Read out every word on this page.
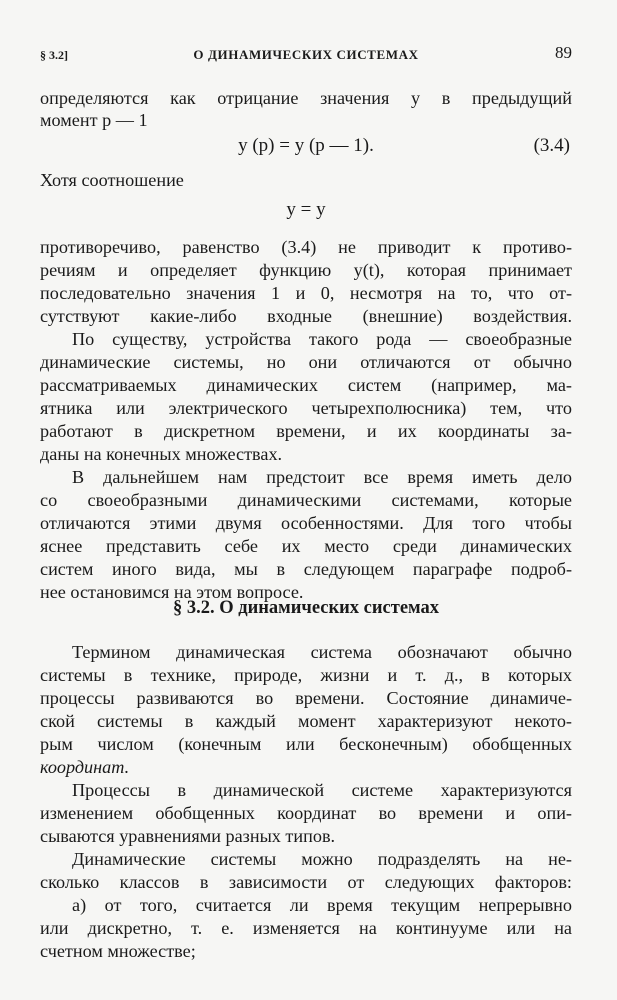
§ 3.2]	О ДИНАМИЧЕСКИХ СИСТЕМАХ	89
определяются как отрицание значения y в предыдущий
момент p — 1
y (p) = y (p — 1).	(3.4)
Хотя соотношение
y = y
противоречиво, равенство (3.4) не приводит к противо-
речиям и определяет функцию y(t), которая принимает
последовательно значения 1 и 0, несмотря на то, что от-
сутствуют какие-либо входные (внешние) воздействия.
По существу, устройства такого рода — своеобразные
динамические системы, но они отличаются от обычно
рассматриваемых динамических систем (например, ма-
ятника или электрического четырехполюсника) тем, что
работают в дискретном времени, и их координаты за-
даны на конечных множествах.
В дальнейшем нам предстоит все время иметь дело
со своеобразными динамическими системами, которые
отличаются этими двумя особенностями. Для того чтобы
яснее представить себе их место среди динамических
систем иного вида, мы в следующем параграфе подроб-
нее остановимся на этом вопросе.
§ 3.2. О динамических системах
Термином динамическая система обозначают обычно
системы в технике, природе, жизни и т. д., в которых
процессы развиваются во времени. Состояние динамиче-
ской системы в каждый момент характеризуют некото-
рым числом (конечным или бесконечным) обобщенных
координат.
Процессы в динамической системе характеризуются
изменением обобщенных координат во времени и опи-
сываются уравнениями разных типов.
Динамические системы можно подразделять на не-
сколько классов в зависимости от следующих факторов:
а) от того, считается ли время текущим непрерывно
или дискретно, т. е. изменяется на континууме или на
счетном множестве;
